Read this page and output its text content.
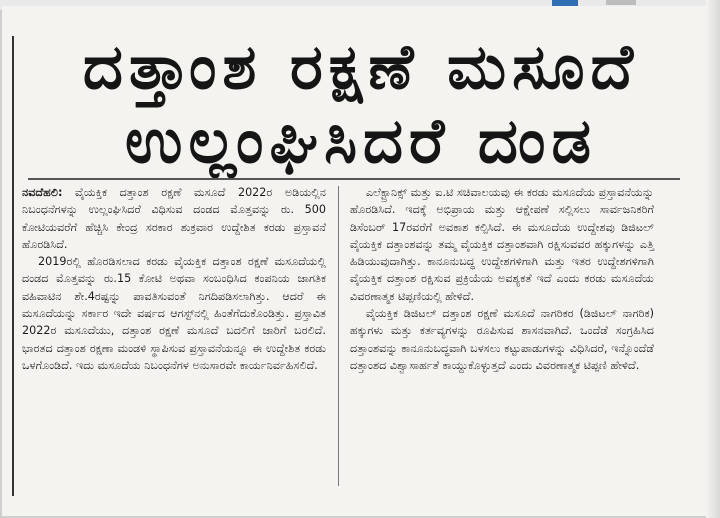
ದತ್ತಾಂಶ ರಕ್ಷಣೆ ಮಸೂದೆ
ಉಲ್ಲಂಘಿಸಿದರೆ ದಂಡ

ನವದೆಹಲಿ: ವೈಯಕ್ತಿಕ ದತ್ತಾಂಶ ರಕ್ಷಣೆ ಮಸೂದೆ 2022ರ ಅಡಿಯಲ್ಲಿನ ನಿಬಂಧನೆಗಳನ್ನು ಉಲ್ಲಂಘಿಸಿದರೆ ವಿಧಿಸುವ ದಂಡದ ಮೊತ್ತವನ್ನು ರು. 500 ಕೋಟಿಯವರೆಗೆ ಹೆಚ್ಚಿಸಿ ಕೇಂದ್ರ ಸರಕಾರ ಶುಕ್ರವಾರ ಉದ್ದೇಶಿತ ಕರಡು ಪ್ರಸ್ತಾವನೆ ಹೊರಡಿಸಿದೆ.

2019ರಲ್ಲಿ ಹೊರಡಿಸಲಾದ ಕರಡು ವೈಯಕ್ತಿಕ ದತ್ತಾಂಶ ರಕ್ಷಣೆ ಮಸೂದೆಯಲ್ಲಿ ದಂಡದ ಮೊತ್ತವನ್ನು ರು.15 ಕೋಟಿ ಅಥವಾ ಸಂಬಂಧಿಸಿದ ಕಂಪನಿಯ ಜಾಗತಿಕ ವಹಿವಾಟಿನ ಶೇ.4ರಷ್ಟನ್ನು ಪಾವತಿಸುವಂತೆ ನಿಗದಿಪಡಿಸಲಾಗಿತ್ತು. ಆದರೆ ಈ ಮಸೂದೆಯನ್ನು ಸರ್ಕಾರ ಇದೇ ವರ್ಷದ ಆಗಸ್ಟ್‌ನಲ್ಲಿ ಹಿಂತೆಗೆದುಕೊಂಡಿತ್ತು. ಪ್ರಸ್ತಾವಿತ 2022ರ ಮಸೂದೆಯು, ದತ್ತಾಂಶ ರಕ್ಷಣೆ ಮಸೂದೆ ಬದಲಿಗೆ ಜಾರಿಗೆ ಬರಲಿದೆ. ಭಾರತದ ದತ್ತಾಂಶ ರಕ್ಷಣಾ ಮಂಡಳಿ ಸ್ಥಾಪಿಸುವ ಪ್ರಸ್ತಾವನೆಯನ್ನೂ ಈ ಉದ್ದೇಶಿತ ಕರಡು ಒಳಗೊಂಡಿದೆ. ಇದು ಮಸೂದೆಯ ನಿಬಂಧನೆಗಳ ಅನುಸಾರವೇ ಕಾರ್ಯನಿರ್ವಹಿಸಲಿದೆ.

ಎಲೆಕ್ಟ್ರಾನಿಕ್ಸ್ ಮತ್ತು ಐ.ಟಿ ಸಚಿವಾಲಯವು ಈ ಕರಡು ಮಸೂದೆಯ ಪ್ರಸ್ತಾವನೆಯನ್ನು ಹೊರಡಿಸಿದೆ. ಇದಕ್ಕೆ ಅಭಿಪ್ರಾಯ ಮತ್ತು ಆಕ್ಷೇಪಣೆ ಸಲ್ಲಿಸಲು ಸಾರ್ವಜನಿಕರಿಗೆ ಡಿಸೆಂಬರ್ 17ರವರೆಗೆ ಅವಕಾಶ ಕಲ್ಪಿಸಿದೆ. ಈ ಮಸೂದೆಯ ಉದ್ದೇಶವು ಡಿಜಿಟಲ್ ವೈಯಕ್ತಿಕ ದತ್ತಾಂಶವನ್ನು ತಮ್ಮ ವೈಯಕ್ತಿಕ ದತ್ತಾಂಶವಾಗಿ ರಕ್ಷಿಸುವವರ ಹಕ್ಕುಗಳನ್ನು ಎತ್ತಿ ಹಿಡಿಯುವುದಾಗಿತ್ತು. ಕಾನೂನುಬದ್ಧ ಉದ್ದೇಶಗಳಿಗಾಗಿ ಮತ್ತು ಇತರ ಉದ್ದೇಶಗಳಿಗಾಗಿ ವೈಯಕ್ತಿಕ ದತ್ತಾಂಶ ರಕ್ಷಿಸುವ ಪ್ರಕ್ರಿಯೆಯ ಅವಶ್ಯಕತೆ ಇದೆ ಎಂದು ಕರಡು ಮಸೂದೆಯ ವಿವರಣಾತ್ಮಕ ಟಿಪ್ಪಣಿಯಲ್ಲಿ ಹೇಳಿದೆ.

ವೈಯಕ್ತಿಕ ಡಿಜಿಟಲ್ ದತ್ತಾಂಶ ರಕ್ಷಣೆ ಮಸೂದೆ ನಾಗರಿಕರ (ಡಿಜಿಟಲ್ ನಾಗರಿಕ) ಹಕ್ಕುಗಳು ಮತ್ತು ಕರ್ತವ್ಯಗಳನ್ನು ರೂಪಿಸುವ ಶಾಸನವಾಗಿದೆ. ಒಂದೆಡೆ ಸಂಗ್ರಹಿಸಿದ ದತ್ತಾಂಶವನ್ನು ಕಾನೂನುಬದ್ಧವಾಗಿ ಬಳಸಲು ಕಟ್ಟುಪಾಡುಗಳನ್ನು ವಿಧಿಸಿದರೆ, ಇನ್ನೊಂದೆಡೆ ದತ್ತಾಂಶದ ವಿಶ್ವಾಸಾರ್ಹತೆ ಕಾಯ್ದುಕೊಳ್ಳುತ್ತದೆ ಎಂದು ವಿವರಣಾತ್ಮಕ ಟಿಪ್ಪಣಿ ಹೇಳಿದೆ.
